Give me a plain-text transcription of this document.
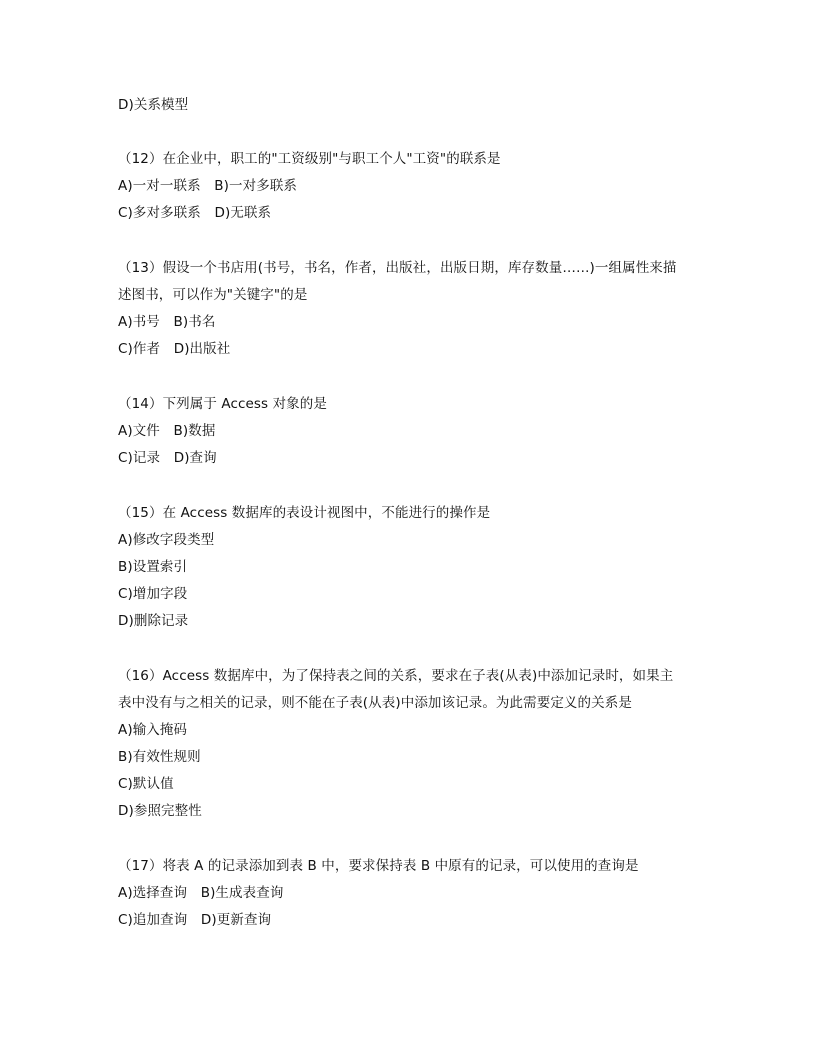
D)关系模型
（12）在企业中，职工的"工资级别"与职工个人"工资"的联系是
A)一对一联系　B)一对多联系
C)多对多联系　D)无联系
（13）假设一个书店用(书号，书名，作者，出版社，出版日期，库存数量……)一组属性来描
述图书，可以作为"关键字"的是
A)书号　B)书名
C)作者　D)出版社
（14）下列属于 Access 对象的是
A)文件　B)数据
C)记录　D)查询
（15）在 Access 数据库的表设计视图中，不能进行的操作是
A)修改字段类型
B)设置索引
C)增加字段
D)删除记录
（16）Access 数据库中，为了保持表之间的关系，要求在子表(从表)中添加记录时，如果主
表中没有与之相关的记录，则不能在子表(从表)中添加该记录。为此需要定义的关系是
A)输入掩码
B)有效性规则
C)默认值
D)参照完整性
（17）将表 A 的记录添加到表 B 中，要求保持表 B 中原有的记录，可以使用的查询是
A)选择查询　B)生成表查询
C)追加查询　D)更新查询
